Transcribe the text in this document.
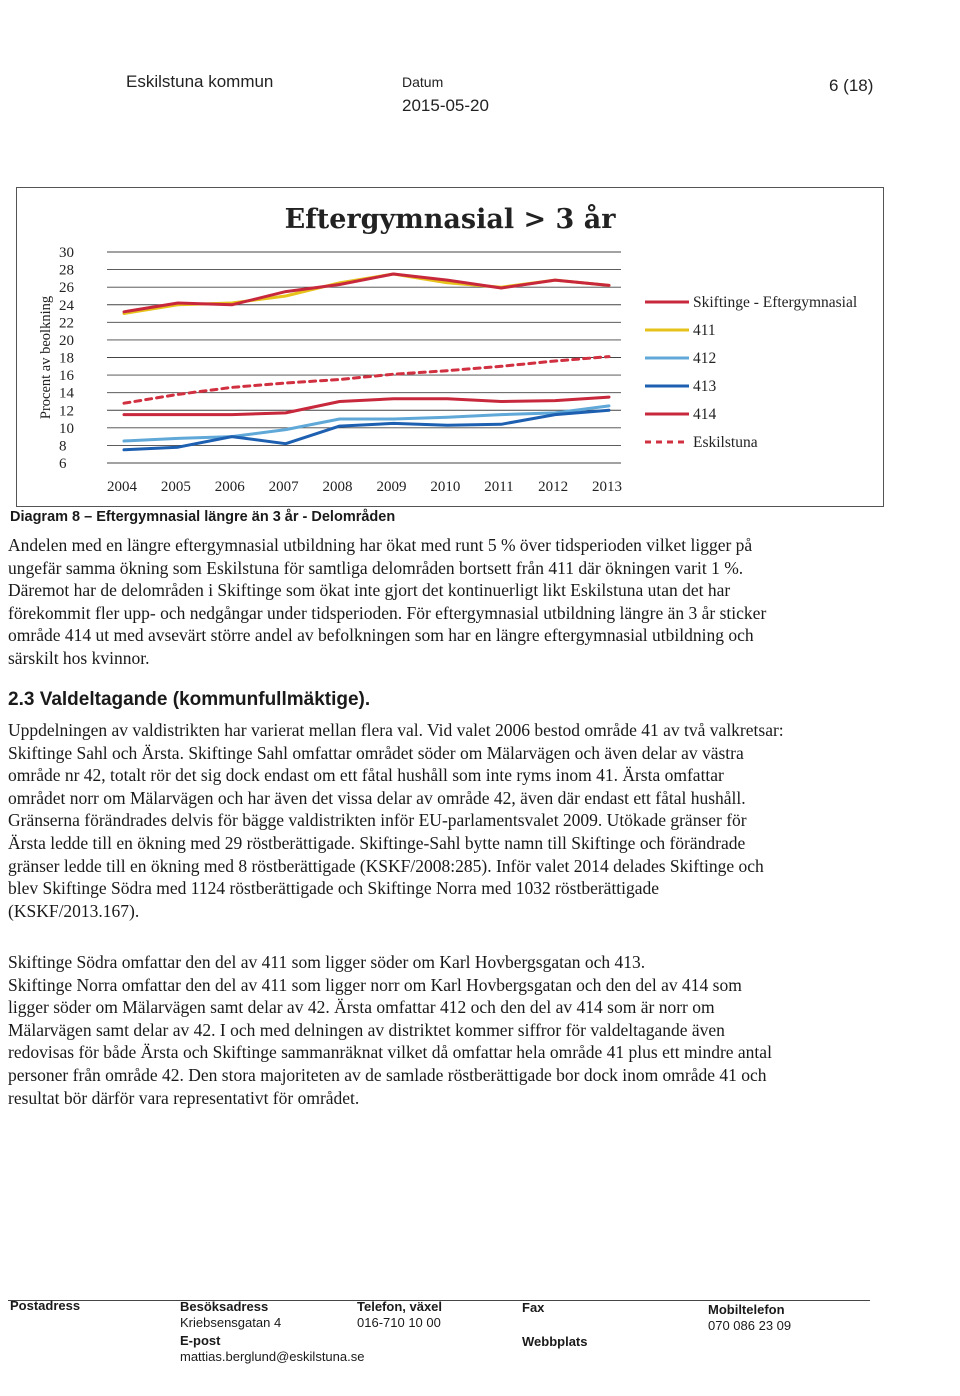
Eskilstuna kommun	Datum
2015-05-20
6 (18)
Eftergymnasial > 3 år
30
28
26
24
22
20
18
16
14
12
10
8
6
Procent av beolkning
2004 2005 2006 2007 2008 2009 2010 2011 2012 2013
Skiftinge - Eftergymnasial
411
412
413
414
Eskilstuna
Diagram 8 – Eftergymnasial längre än 3 år - Delområden
Andelen med en längre eftergymnasial utbildning har ökat med runt 5 % över tidsperioden vilket ligger på
ungefär samma ökning som Eskilstuna för samtliga delområden bortsett från 411 där ökningen varit 1 %.
Däremot har de delområden i Skiftinge som ökat inte gjort det kontinuerligt likt Eskilstuna utan det har
förekommit fler upp- och nedgångar under tidsperioden. För eftergymnasial utbildning längre än 3 år sticker
område 414 ut med avsevärt större andel av befolkningen som har en längre eftergymnasial utbildning och
särskilt hos kvinnor.
2.3 Valdeltagande (kommunfullmäktige).
Uppdelningen av valdistrikten har varierat mellan flera val. Vid valet 2006 bestod område 41 av två valkretsar:
Skiftinge Sahl och Ärsta. Skiftinge Sahl omfattar området söder om Mälarvägen och även delar av västra
område nr 42, totalt rör det sig dock endast om ett fåtal hushåll som inte ryms inom 41. Ärsta omfattar
området norr om Mälarvägen och har även det vissa delar av område 42, även där endast ett fåtal hushåll.
Gränserna förändrades delvis för bägge valdistrikten inför EU-parlamentsvalet 2009. Utökade gränser för
Ärsta ledde till en ökning med 29 röstberättigade. Skiftinge-Sahl bytte namn till Skiftinge och förändrade
gränser ledde till en ökning med 8 röstberättigade (KSKF/2008:285). Inför valet 2014 delades Skiftinge och
blev Skiftinge Södra med 1124 röstberättigade och Skiftinge Norra med 1032 röstberättigade
(KSKF/2013.167).
Skiftinge Södra omfattar den del av 411 som ligger söder om Karl Hovbergsgatan och 413.
Skiftinge Norra omfattar den del av 411 som ligger norr om Karl Hovbergsgatan och den del av 414 som
ligger söder om Mälarvägen samt delar av 42. Ärsta omfattar 412 och den del av 414 som är norr om
Mälarvägen samt delar av 42. I och med delningen av distriktet kommer siffror för valdeltagande även
redovisas för både Ärsta och Skiftinge sammanräknat vilket då omfattar hela område 41 plus ett mindre antal
personer från område 42. Den stora majoriteten av de samlade röstberättigade bor dock inom område 41 och
resultat bör därför vara representativt för området.
Postadress	Besöksadress
Kriebsensgatan 4
E-post
mattias.berglund@eskilstuna.se
Telefon, växel
016-710 10 00
Fax
Webbplats
Mobiltelefon
070 086 23 09
